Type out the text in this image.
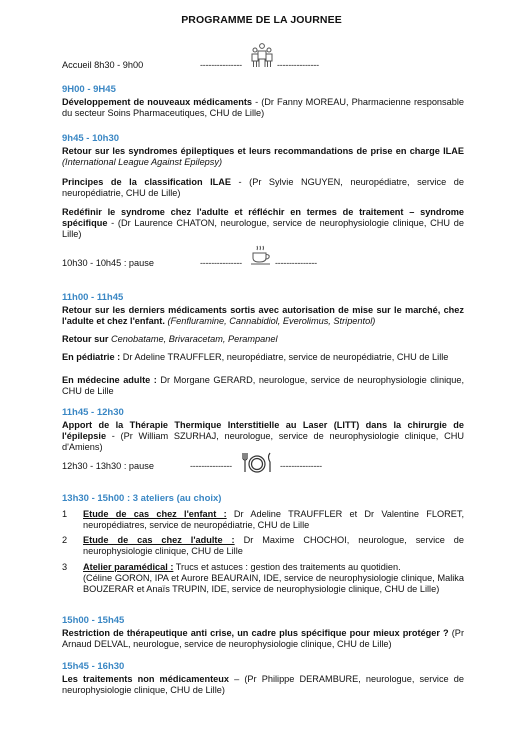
PROGRAMME DE LA JOURNEE
Accueil 8h30 - 9h00	---------------	---------------
9H00 - 9H45
Développement de nouveaux médicaments - (Dr Fanny MOREAU, Pharmacienne responsable du secteur Soins Pharmaceutiques, CHU de Lille)
9h45 - 10h30
Retour sur les syndromes épileptiques et leurs recommandations de prise en charge ILAE (International League Against Epilepsy)
Principes de la classification ILAE - (Pr Sylvie NGUYEN, neuropédiatre, service de neuropédiatrie, CHU de Lille)
Redéfinir le syndrome chez l'adulte et réfléchir en termes de traitement – syndrome spécifique - (Dr Laurence CHATON, neurologue, service de neurophysiologie clinique, CHU de Lille)
10h30 - 10h45 : pause	---------------	---------------
11h00 - 11h45
Retour sur les derniers médicaments sortis avec autorisation de mise sur le marché, chez l'adulte et chez l'enfant. (Fenfluramine, Cannabidiol, Everolimus, Stripentol)
Retour sur Cenobatame, Brivaracetam, Perampanel
En pédiatrie : Dr Adeline TRAUFFLER, neuropédiatre, service de neuropédiatrie, CHU de Lille
En médecine adulte : Dr Morgane GERARD, neurologue, service de neurophysiologie clinique, CHU de Lille
11h45 - 12h30
Apport de la Thérapie Thermique Interstitielle au Laser (LITT) dans la chirurgie de l'épilepsie - (Pr William SZURHAJ, neurologue, service de neurophysiologie clinique, CHU d'Amiens)
12h30 - 13h30 : pause	---------------	---------------
13h30 - 15h00 : 3 ateliers (au choix)
1 Etude de cas chez l'enfant : Dr Adeline TRAUFFLER et Dr Valentine FLORET, neuropédiatres, service de neuropédiatrie, CHU de Lille
2 Etude de cas chez l'adulte : Dr Maxime CHOCHOI, neurologue, service de neurophysiologie clinique, CHU de Lille
3 Atelier paramédical : Trucs et astuces : gestion des traitements au quotidien.
(Céline GORON, IPA et Aurore BEAURAIN, IDE, service de neurophysiologie clinique, Malika BOUZERAR et Anaïs TRUPIN, IDE, service de neurophysiologie clinique, CHU de Lille)
15h00 - 15h45
Restriction de thérapeutique anti crise, un cadre plus spécifique pour mieux protéger ? (Pr Arnaud DELVAL, neurologue, service de neurophysiologie clinique, CHU de Lille)
15h45 - 16h30
Les traitements non médicamenteux – (Pr Philippe DERAMBURE, neurologue, service de neurophysiologie clinique, CHU de Lille)
